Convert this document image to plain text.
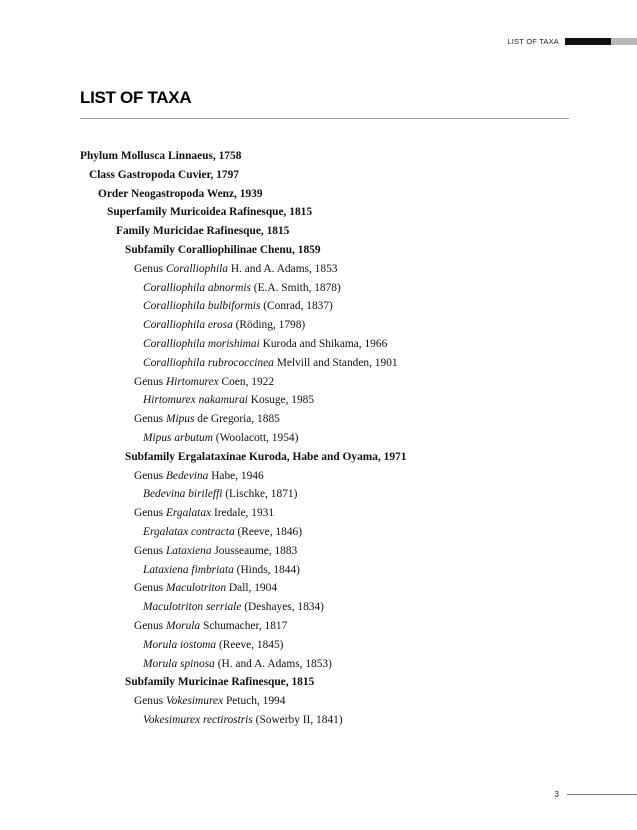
LIST OF TAXA
LIST OF TAXA
Phylum Mollusca Linnaeus, 1758
Class Gastropoda Cuvier, 1797
Order Neogastropoda Wenz, 1939
Superfamily Muricoidea Rafinesque, 1815
Family Muricidae Rafinesque, 1815
Subfamily Coralliophilinae Chenu, 1859
Genus Coralliophila H. and A. Adams, 1853
Coralliophila abnormis (E.A. Smith, 1878)
Coralliophila bulbiformis (Conrad, 1837)
Coralliophila erosa (Röding, 1798)
Coralliophila morishimai Kuroda and Shikama, 1966
Coralliophila rubrococcinea Melvill and Standen, 1901
Genus Hirtomurex Coen, 1922
Hirtomurex nakamurai Kosuge, 1985
Genus Mipus de Gregoria, 1885
Mipus arbutum (Woolacott, 1954)
Subfamily Ergalataxinae Kuroda, Habe and Oyama, 1971
Genus Bedevina Habe, 1946
Bedevina birileffi (Lischke, 1871)
Genus Ergalatax Iredale, 1931
Ergalatax contracta (Reeve, 1846)
Genus Lataxiena Jousseaume, 1883
Lataxiena fimbriata (Hinds, 1844)
Genus Maculotriton Dall, 1904
Maculotriton serriale (Deshayes, 1834)
Genus Morula Schumacher, 1817
Morula iostoma (Reeve, 1845)
Morula spinosa (H. and A. Adams, 1853)
Subfamily Muricinae Rafinesque, 1815
Genus Vokesimurex Petuch, 1994
Vokesimurex rectirostris (Sowerby II, 1841)
3
